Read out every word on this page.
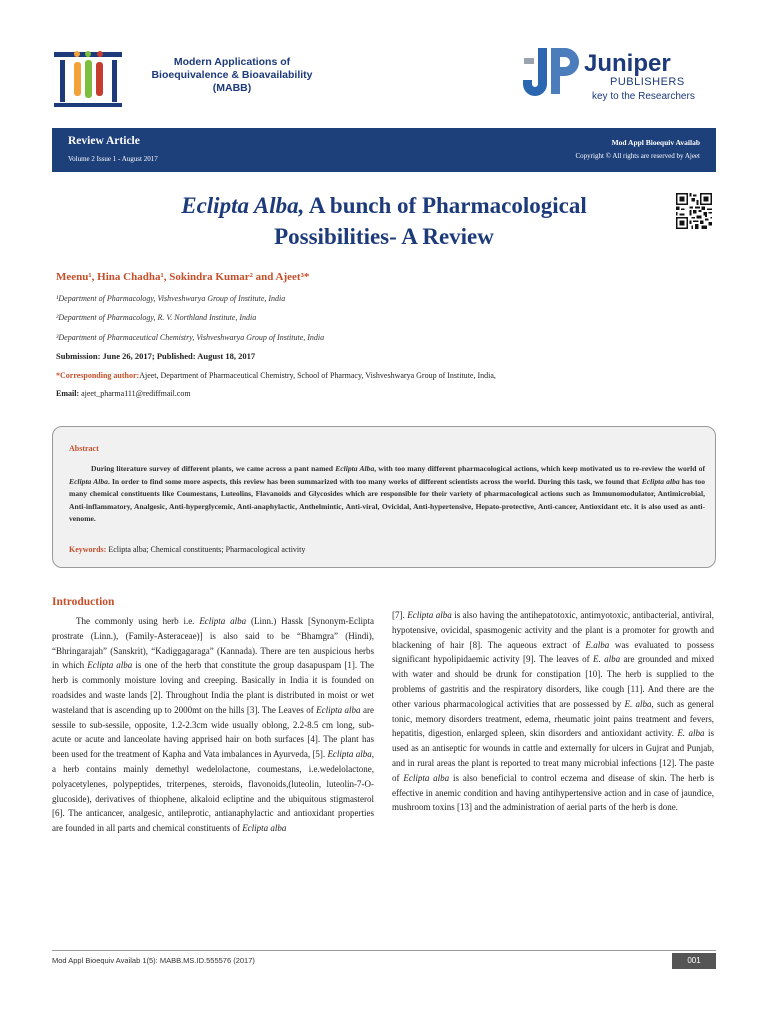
Modern Applications of
Bioequivalence & Bioavailability
(MABB)
Juniper
PUBLISHERS
key to the Researchers
Review Article
Volume 2 Issue 1 - August 2017
Mod Appl Bioequiv Availab
Copyright © All rights are reserved by Ajeet
Eclipta Alba, A bunch of Pharmacological
Possibilities- A Review
Meenu¹, Hina Chadha¹, Sokindra Kumar² and Ajeet³*
¹Department of Pharmacology, Vishveshwarya Group of Institute, India
²Department of Pharmacology, R. V. Northland Institute, India
³Department of Pharmaceutical Chemistry, Vishveshwarya Group of Institute, India
Submission: June 26, 2017; Published: August 18, 2017
*Corresponding author:Ajeet, Department of Pharmaceutical Chemistry, School of Pharmacy, Vishveshwarya Group of Institute, India,
Email: ajeet_pharma111@rediffmail.com
Abstract
During literature survey of different plants, we came across a pant named Eclipta Alba, with too many different pharmacological actions, which keep motivated us to re-review the world of Eclipta Alba. In order to find some more aspects, this review has been summarized with too many works of different scientists across the world. During this task, we found that Eclipta alba has too many chemical constituents like Coumestans, Luteolins, Flavanoids and Glycosides which are responsible for their variety of pharmacological actions such as Immunomodulator, Antimicrobial, Anti-inflammatory, Analgesic, Anti-hyperglycemic, Anti-anaphylactic, Anthelmintic, Anti-viral, Ovicidal, Anti-hypertensive, Hepato-protective, Anti-cancer, Antioxidant etc. it is also used as anti-venome.
Keywords: Eclipta alba; Chemical constituents; Pharmacological activity
Introduction
The commonly using herb i.e. Eclipta alba (Linn.) Hassk [Synonym-Eclipta prostrate (Linn.), (Family-Asteraceae)] is also said to be “Bhamgra” (Hindi), “Bhringarajah” (Sanskrit), “Kadiggagaraga” (Kannada). There are ten auspicious herbs in which Eclipta alba is one of the herb that constitute the group dasapuspam [1]. The herb is commonly moisture loving and creeping. Basically in India it is founded on roadsides and waste lands [2]. Throughout India the plant is distributed in moist or wet wasteland that is ascending up to 2000mt on the hills [3]. The Leaves of Eclipta alba are sessile to sub-sessile, opposite, 1.2-2.3cm wide usually oblong, 2.2-8.5 cm long, sub-acute or acute and lanceolate having apprised hair on both surfaces [4]. The plant has been used for the treatment of Kapha and Vata imbalances in Ayurveda, [5]. Eclipta alba, a herb contains mainly demethyl wedelolactone, coumestans, i.e.wedelolactone, polyacetylenes, polypeptides, triterpenes, steroids, flavonoids,(luteolin, luteolin-7-O-glucoside), derivatives of thiophene, alkaloid ecliptine and the ubiquitous stigmasterol [6]. The anticancer, analgesic, antileprotic, antianaphylactic and antioxidant properties are founded in all parts and chemical constituents of Eclipta alba
[7]. Eclipta alba is also having the antihepatotoxic, antimyotoxic, antibacterial, antiviral, hypotensive, ovicidal, spasmogenic activity and the plant is a promoter for growth and blackening of hair [8]. The aqueous extract of E.alba was evaluated to possess significant hypolipidaemic activity [9]. The leaves of E. alba are grounded and mixed with water and should be drunk for constipation [10]. The herb is supplied to the problems of gastritis and the respiratory disorders, like cough [11]. And there are the other various pharmacological activities that are possessed by E. alba, such as general tonic, memory disorders treatment, edema, rheumatic joint pains treatment and fevers, hepatitis, digestion, enlarged spleen, skin disorders and antioxidant activity. E. alba is used as an antiseptic for wounds in cattle and externally for ulcers in Gujrat and Punjab, and in rural areas the plant is reported to treat many microbial infections [12]. The paste of Eclipta alba is also beneficial to control eczema and disease of skin. The herb is effective in anemic condition and having antihypertensive action and in case of jaundice, mushroom toxins [13] and the administration of aerial parts of the herb is done.
Mod Appl Bioequiv Availab 1(5): MABB.MS.ID.555576 (2017)	001
